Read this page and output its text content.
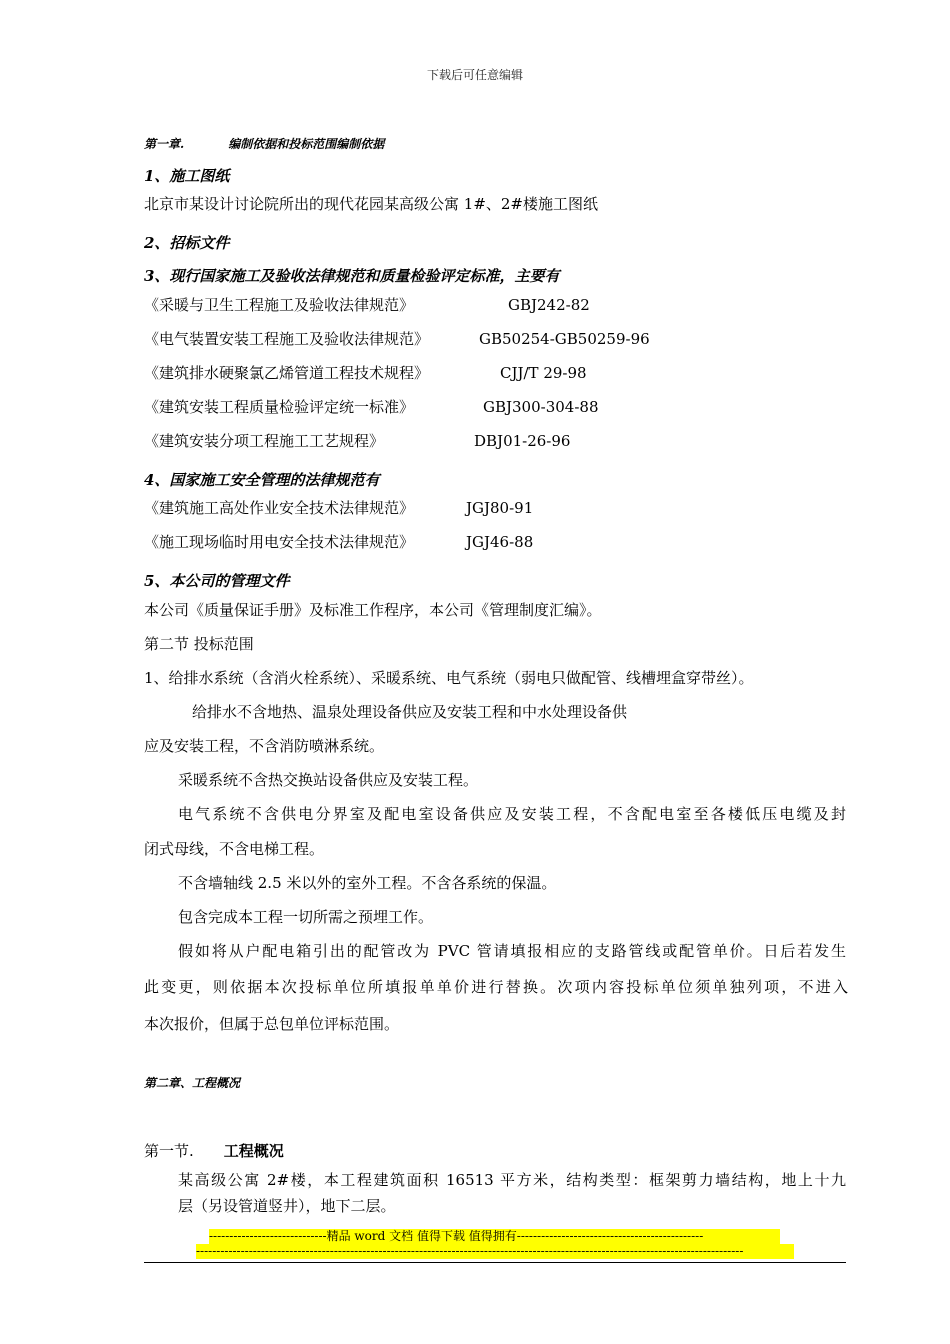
下载后可任意编辑
第一章.	编制依据和投标范围编制依据
1、施工图纸
北京市某设计讨论院所出的现代花园某高级公寓 1#、2#楼施工图纸
2、招标文件
3、现行国家施工及验收法律规范和质量检验评定标准，主要有
《采暖与卫生工程施工及验收法律规范》	GBJ242-82
《电气装置安装工程施工及验收法律规范》	GB50254-GB50259-96
《建筑排水硬聚氯乙烯管道工程技术规程》	CJJ/T 29-98
《建筑安装工程质量检验评定统一标准》	GBJ300-304-88
《建筑安装分项工程施工工艺规程》	DBJ01-26-96
4、国家施工安全管理的法律规范有
《建筑施工高处作业安全技术法律规范》	JGJ80-91
《施工现场临时用电安全技术法律规范》	JGJ46-88
5、本公司的管理文件
本公司《质量保证手册》及标准工作程序，本公司《管理制度汇编》。
第二节 投标范围
1、给排水系统（含消火栓系统）、采暖系统、电气系统（弱电只做配管、线槽埋盒穿带丝）。
给排水不含地热、温泉处理设备供应及安装工程和中水处理设备供
应及安装工程，不含消防喷淋系统。
采暖系统不含热交换站设备供应及安装工程。
电气系统不含供电分界室及配电室设备供应及安装工程，不含配电室至各楼低压电缆及封
闭式母线，不含电梯工程。
不含墙轴线 2.5 米以外的室外工程。不含各系统的保温。
包含完成本工程一切所需之预埋工作。
假如将从户配电箱引出的配管改为 PVC 管请填报相应的支路管线或配管单价。日后若发生
此变更，则依据本次投标单位所填报单单价进行替换。次项内容投标单位须单独列项，不进入
本次报价，但属于总包单位评标范围。
第二章、工程概况
第一节. 工程概况
某高级公寓 2#楼，本工程建筑面积 16513 平方米，结构类型：框架剪力墙结构，地上十九
层（另设管道竖井），地下二层。
-----------------------------精品 word 文档 值得下载 值得拥有----------------------------------------------
---------------------------------------------------------------------------------------------------------------------------------------
